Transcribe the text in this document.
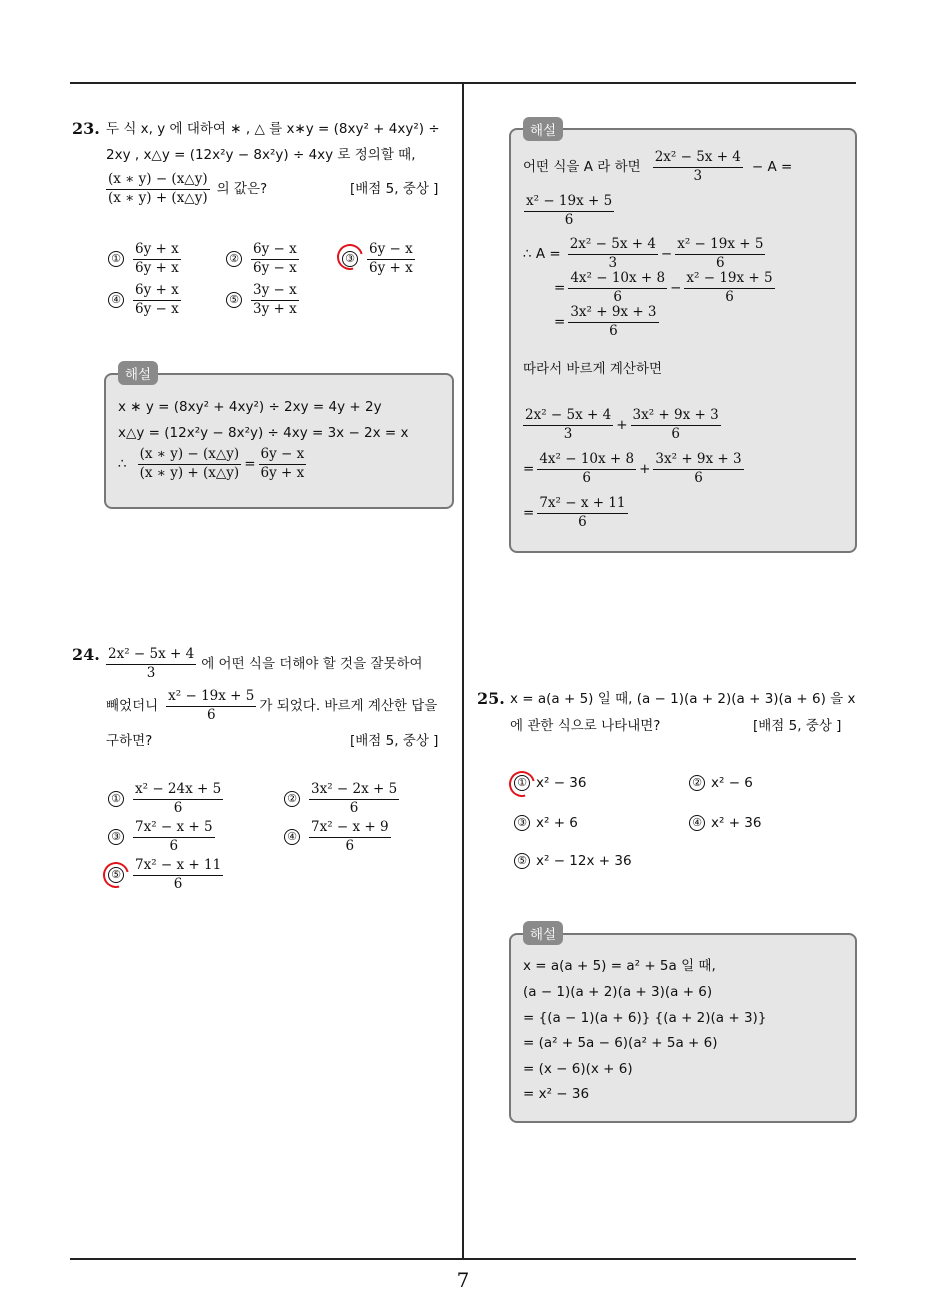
7
23. 두 식 x, y 에 대하여 ∗ , △ 를 x∗y = (8xy² + 4xy²) ÷
2xy , x△y = (12x²y − 8x²y) ÷ 4xy 로 정의할 때,
$\frac{(x ∗ y) - (x\triangle y)}{(x ∗ y) + (x\triangle y)}$ 의 값은?	[배점 5, 중상 ]
① $\frac{6y + x}{6y + x}$	② $\frac{6y - x}{6y - x}$	③ $\frac{6y - x}{6y + x}$
④ $\frac{6y + x}{6y - x}$	⑤ $\frac{3y - x}{3y + x}$
해설
x ∗ y = (8xy² + 4xy²) ÷ 2xy = 4y + 2y
x△y = (12x²y − 8x²y) ÷ 4xy = 3x − 2x = x
∴ $\frac{(x ∗ y) - (x\triangle y)}{(x ∗ y) + (x\triangle y)} = \frac{6y - x}{6y + x}$
24. $\frac{\text{2x² − 5x + 4}}{3}$ 에 어떤 식을 더해야 할 것을 잘못하여
빼었더니 $\frac{\text{x² − 19x + 5}}{6}$ 가 되었다. 바르게 계산한 답을
구하면?	[배점 5, 중상 ]
① $\frac{\text{x² − 24x + 5}}{6}$	② $\frac{\text{3x² − 2x + 5}}{6}$
③ $\frac{\text{7x² − x + 5}}{6}$	④ $\frac{\text{7x² − x + 9}}{6}$
⑤ $\frac{\text{7x² − x + 11}}{6}$
해설
어떤 식을 A 라 하면 $\frac{\text{2x² − 5x + 4}}{3} - A$ =
$\frac{\text{x² − 19x + 5}}{6}$
∴ $A = \frac{\text{2x² − 5x + 4}}{3} - \frac{\text{x² − 19x + 5}}{6}$
= $\frac{\text{4x² − 10x + 8}}{6} - \frac{\text{x² − 19x + 5}}{6}$
= $\frac{\text{3x² + 9x + 3}}{6}$
따라서 바르게 계산하면
$\frac{\text{2x² − 5x + 4}}{3} + \frac{\text{3x² + 9x + 3}}{6}$
= $\frac{\text{4x² − 10x + 8}}{6} + \frac{\text{3x² + 9x + 3}}{6}$
= $\frac{\text{7x² − x + 11}}{6}$
25. x = a(a + 5) 일 때, (a − 1)(a + 2)(a + 3)(a + 6) 을 x
에 관한 식으로 나타내면?	[배점 5, 중상 ]
① x² − 36	② x² − 6
③ x² + 6	④ x² + 36
⑤ x² − 12x + 36
해설
x = a(a + 5) = a² + 5a 일 때,
(a − 1)(a + 2)(a + 3)(a + 6)
= {(a − 1)(a + 6)} {(a + 2)(a + 3)}
= (a² + 5a − 6)(a² + 5a + 6)
= (x − 6)(x + 6)
= x² − 36
